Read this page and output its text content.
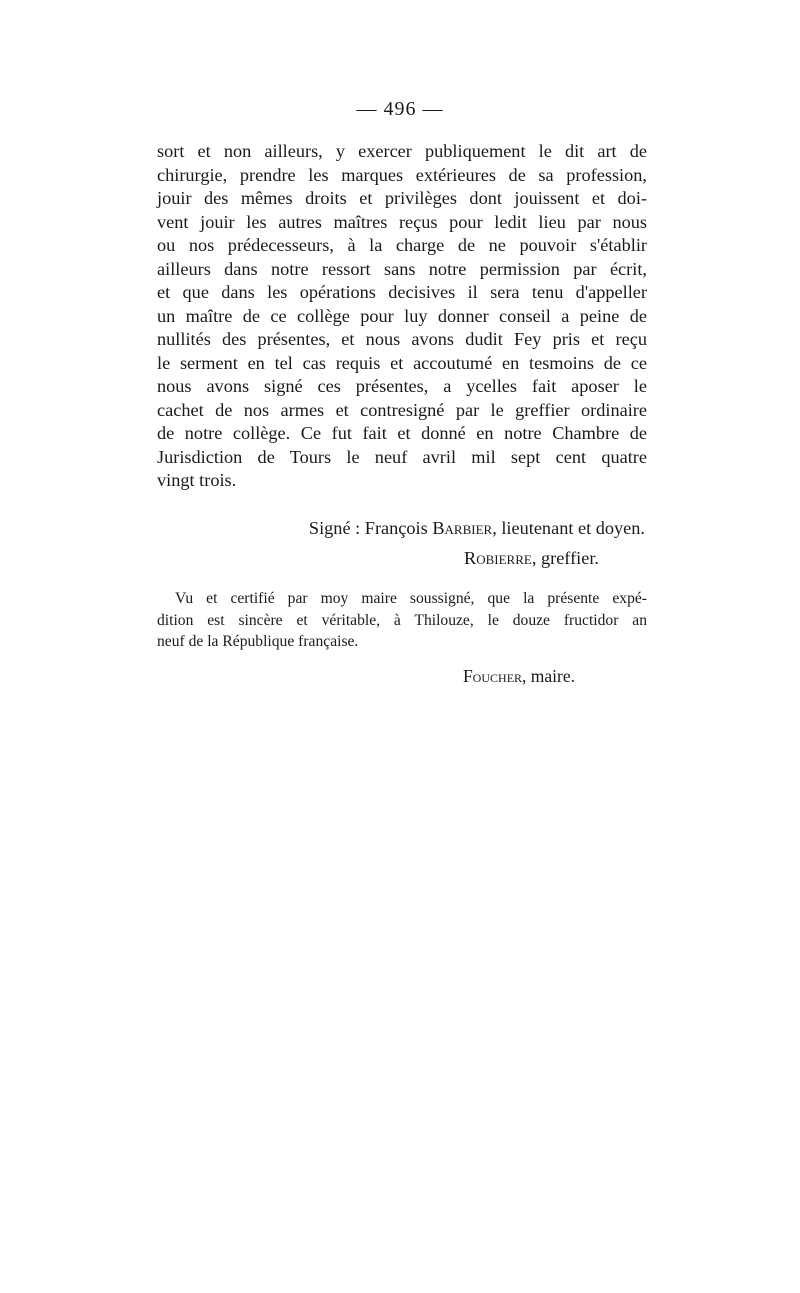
— 496 —
sort et non ailleurs, y exercer publiquement le dit art de
chirurgie, prendre les marques extérieures de sa profession,
jouir des mêmes droits et privilèges dont jouissent et doi-
vent jouir les autres maîtres reçus pour ledit lieu par nous
ou nos prédecesseurs, à la charge de ne pouvoir s'établir
ailleurs dans notre ressort sans notre permission par écrit,
et que dans les opérations decisives il sera tenu d'appeller
un maître de ce collège pour luy donner conseil a peine de
nullités des présentes, et nous avons dudit Fey pris et reçu
le serment en tel cas requis et accoutumé en tesmoins de ce
nous avons signé ces présentes, a ycelles fait aposer le
cachet de nos armes et contresigné par le greffier ordinaire
de notre collège. Ce fut fait et donné en notre Chambre de
Jurisdiction de Tours le neuf avril mil sept cent quatre
vingt trois.
Signé : François Barbier, lieutenant et doyen.
Robierre, greffier.
Vu et certifié par moy maire soussigné, que la présente expé-
dition est sincère et véritable, à Thilouze, le douze fructidor an
neuf de la République française.
Foucher, maire.
